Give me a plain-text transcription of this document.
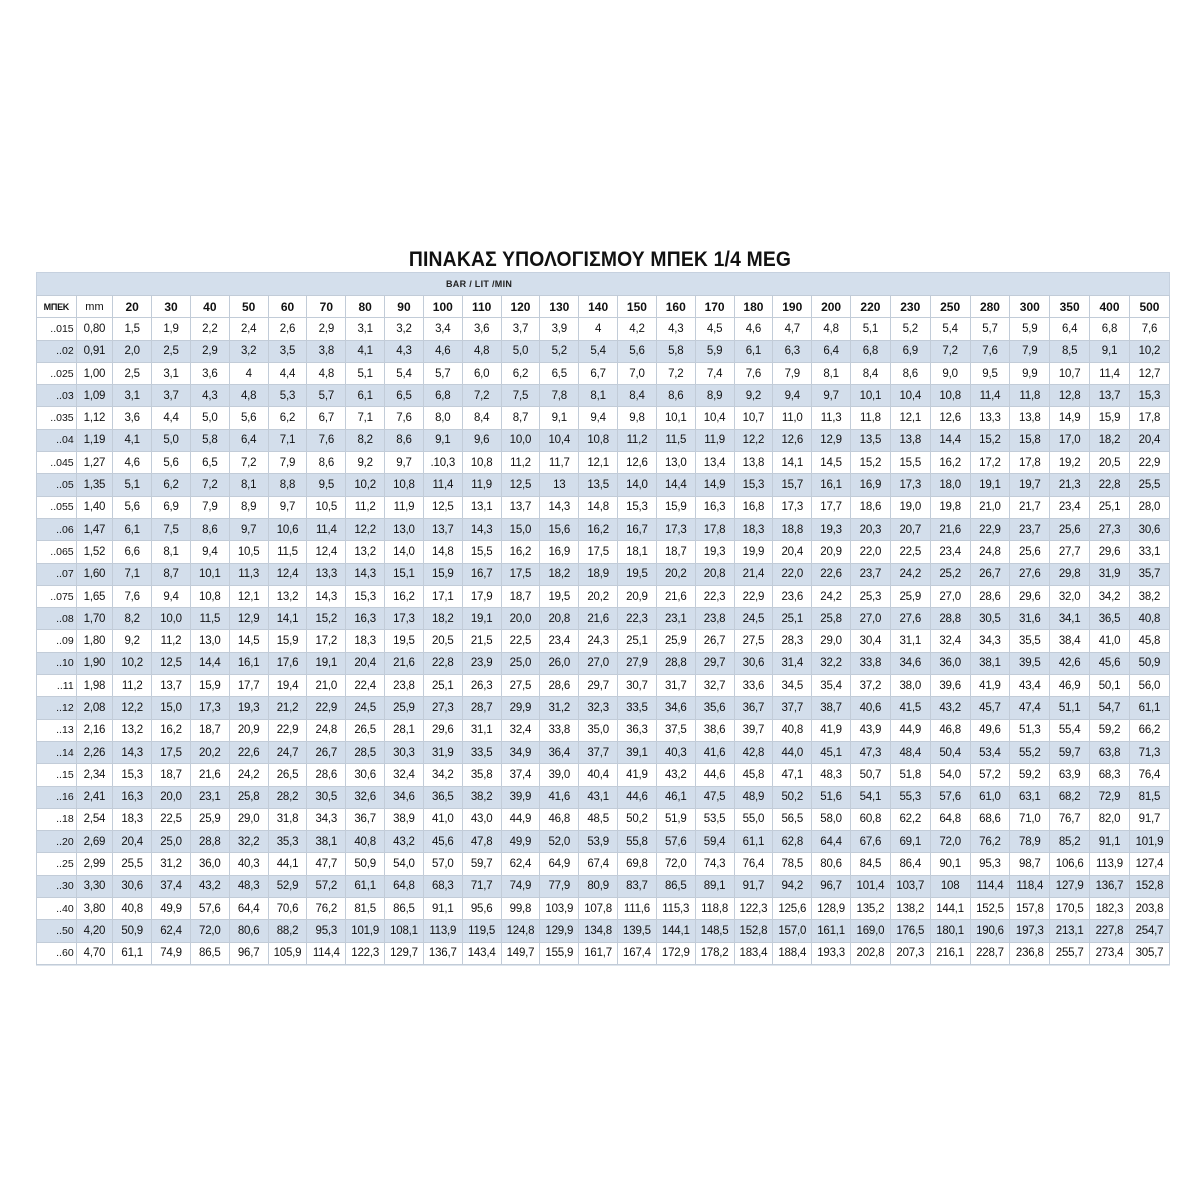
ΠΙΝΑΚΑΣ ΥΠΟΛΟΓΙΣΜΟΥ ΜΠΕΚ 1/4 MEG
BAR / LIT /MIN
ΜΠΕΚ	mm	20	30	40	50	60	70	80	90	100	110	120	130	140	150	160	170	180	190	200	220	230	250	280	300	350	400	500
..015	0,80	1,5	1,9	2,2	2,4	2,6	2,9	3,1	3,2	3,4	3,6	3,7	3,9	4	4,2	4,3	4,5	4,6	4,7	4,8	5,1	5,2	5,4	5,7	5,9	6,4	6,8	7,6
..02	0,91	2,0	2,5	2,9	3,2	3,5	3,8	4,1	4,3	4,6	4,8	5,0	5,2	5,4	5,6	5,8	5,9	6,1	6,3	6,4	6,8	6,9	7,2	7,6	7,9	8,5	9,1	10,2
..025	1,00	2,5	3,1	3,6	4	4,4	4,8	5,1	5,4	5,7	6,0	6,2	6,5	6,7	7,0	7,2	7,4	7,6	7,9	8,1	8,4	8,6	9,0	9,5	9,9	10,7	11,4	12,7
..03	1,09	3,1	3,7	4,3	4,8	5,3	5,7	6,1	6,5	6,8	7,2	7,5	7,8	8,1	8,4	8,6	8,9	9,2	9,4	9,7	10,1	10,4	10,8	11,4	11,8	12,8	13,7	15,3
..035	1,12	3,6	4,4	5,0	5,6	6,2	6,7	7,1	7,6	8,0	8,4	8,7	9,1	9,4	9,8	10,1	10,4	10,7	11,0	11,3	11,8	12,1	12,6	13,3	13,8	14,9	15,9	17,8
..04	1,19	4,1	5,0	5,8	6,4	7,1	7,6	8,2	8,6	9,1	9,6	10,0	10,4	10,8	11,2	11,5	11,9	12,2	12,6	12,9	13,5	13,8	14,4	15,2	15,8	17,0	18,2	20,4
..045	1,27	4,6	5,6	6,5	7,2	7,9	8,6	9,2	9,7	.10,3	10,8	11,2	11,7	12,1	12,6	13,0	13,4	13,8	14,1	14,5	15,2	15,5	16,2	17,2	17,8	19,2	20,5	22,9
..05	1,35	5,1	6,2	7,2	8,1	8,8	9,5	10,2	10,8	11,4	11,9	12,5	13	13,5	14,0	14,4	14,9	15,3	15,7	16,1	16,9	17,3	18,0	19,1	19,7	21,3	22,8	25,5
..055	1,40	5,6	6,9	7,9	8,9	9,7	10,5	11,2	11,9	12,5	13,1	13,7	14,3	14,8	15,3	15,9	16,3	16,8	17,3	17,7	18,6	19,0	19,8	21,0	21,7	23,4	25,1	28,0
..06	1,47	6,1	7,5	8,6	9,7	10,6	11,4	12,2	13,0	13,7	14,3	15,0	15,6	16,2	16,7	17,3	17,8	18,3	18,8	19,3	20,3	20,7	21,6	22,9	23,7	25,6	27,3	30,6
..065	1,52	6,6	8,1	9,4	10,5	11,5	12,4	13,2	14,0	14,8	15,5	16,2	16,9	17,5	18,1	18,7	19,3	19,9	20,4	20,9	22,0	22,5	23,4	24,8	25,6	27,7	29,6	33,1
..07	1,60	7,1	8,7	10,1	11,3	12,4	13,3	14,3	15,1	15,9	16,7	17,5	18,2	18,9	19,5	20,2	20,8	21,4	22,0	22,6	23,7	24,2	25,2	26,7	27,6	29,8	31,9	35,7
..075	1,65	7,6	9,4	10,8	12,1	13,2	14,3	15,3	16,2	17,1	17,9	18,7	19,5	20,2	20,9	21,6	22,3	22,9	23,6	24,2	25,3	25,9	27,0	28,6	29,6	32,0	34,2	38,2
..08	1,70	8,2	10,0	11,5	12,9	14,1	15,2	16,3	17,3	18,2	19,1	20,0	20,8	21,6	22,3	23,1	23,8	24,5	25,1	25,8	27,0	27,6	28,8	30,5	31,6	34,1	36,5	40,8
..09	1,80	9,2	11,2	13,0	14,5	15,9	17,2	18,3	19,5	20,5	21,5	22,5	23,4	24,3	25,1	25,9	26,7	27,5	28,3	29,0	30,4	31,1	32,4	34,3	35,5	38,4	41,0	45,8
..10	1,90	10,2	12,5	14,4	16,1	17,6	19,1	20,4	21,6	22,8	23,9	25,0	26,0	27,0	27,9	28,8	29,7	30,6	31,4	32,2	33,8	34,6	36,0	38,1	39,5	42,6	45,6	50,9
..11	1,98	11,2	13,7	15,9	17,7	19,4	21,0	22,4	23,8	25,1	26,3	27,5	28,6	29,7	30,7	31,7	32,7	33,6	34,5	35,4	37,2	38,0	39,6	41,9	43,4	46,9	50,1	56,0
..12	2,08	12,2	15,0	17,3	19,3	21,2	22,9	24,5	25,9	27,3	28,7	29,9	31,2	32,3	33,5	34,6	35,6	36,7	37,7	38,7	40,6	41,5	43,2	45,7	47,4	51,1	54,7	61,1
..13	2,16	13,2	16,2	18,7	20,9	22,9	24,8	26,5	28,1	29,6	31,1	32,4	33,8	35,0	36,3	37,5	38,6	39,7	40,8	41,9	43,9	44,9	46,8	49,6	51,3	55,4	59,2	66,2
..14	2,26	14,3	17,5	20,2	22,6	24,7	26,7	28,5	30,3	31,9	33,5	34,9	36,4	37,7	39,1	40,3	41,6	42,8	44,0	45,1	47,3	48,4	50,4	53,4	55,2	59,7	63,8	71,3
..15	2,34	15,3	18,7	21,6	24,2	26,5	28,6	30,6	32,4	34,2	35,8	37,4	39,0	40,4	41,9	43,2	44,6	45,8	47,1	48,3	50,7	51,8	54,0	57,2	59,2	63,9	68,3	76,4
..16	2,41	16,3	20,0	23,1	25,8	28,2	30,5	32,6	34,6	36,5	38,2	39,9	41,6	43,1	44,6	46,1	47,5	48,9	50,2	51,6	54,1	55,3	57,6	61,0	63,1	68,2	72,9	81,5
..18	2,54	18,3	22,5	25,9	29,0	31,8	34,3	36,7	38,9	41,0	43,0	44,9	46,8	48,5	50,2	51,9	53,5	55,0	56,5	58,0	60,8	62,2	64,8	68,6	71,0	76,7	82,0	91,7
..20	2,69	20,4	25,0	28,8	32,2	35,3	38,1	40,8	43,2	45,6	47,8	49,9	52,0	53,9	55,8	57,6	59,4	61,1	62,8	64,4	67,6	69,1	72,0	76,2	78,9	85,2	91,1	101,9
..25	2,99	25,5	31,2	36,0	40,3	44,1	47,7	50,9	54,0	57,0	59,7	62,4	64,9	67,4	69,8	72,0	74,3	76,4	78,5	80,6	84,5	86,4	90,1	95,3	98,7	106,6	113,9	127,4
..30	3,30	30,6	37,4	43,2	48,3	52,9	57,2	61,1	64,8	68,3	71,7	74,9	77,9	80,9	83,7	86,5	89,1	91,7	94,2	96,7	101,4	103,7	108	114,4	118,4	127,9	136,7	152,8
..40	3,80	40,8	49,9	57,6	64,4	70,6	76,2	81,5	86,5	91,1	95,6	99,8	103,9	107,8	111,6	115,3	118,8	122,3	125,6	128,9	135,2	138,2	144,1	152,5	157,8	170,5	182,3	203,8
..50	4,20	50,9	62,4	72,0	80,6	88,2	95,3	101,9	108,1	113,9	119,5	124,8	129,9	134,8	139,5	144,1	148,5	152,8	157,0	161,1	169,0	176,5	180,1	190,6	197,3	213,1	227,8	254,7
..60	4,70	61,1	74,9	86,5	96,7	105,9	114,4	122,3	129,7	136,7	143,4	149,7	155,9	161,7	167,4	172,9	178,2	183,4	188,4	193,3	202,8	207,3	216,1	228,7	236,8	255,7	273,4	305,7
